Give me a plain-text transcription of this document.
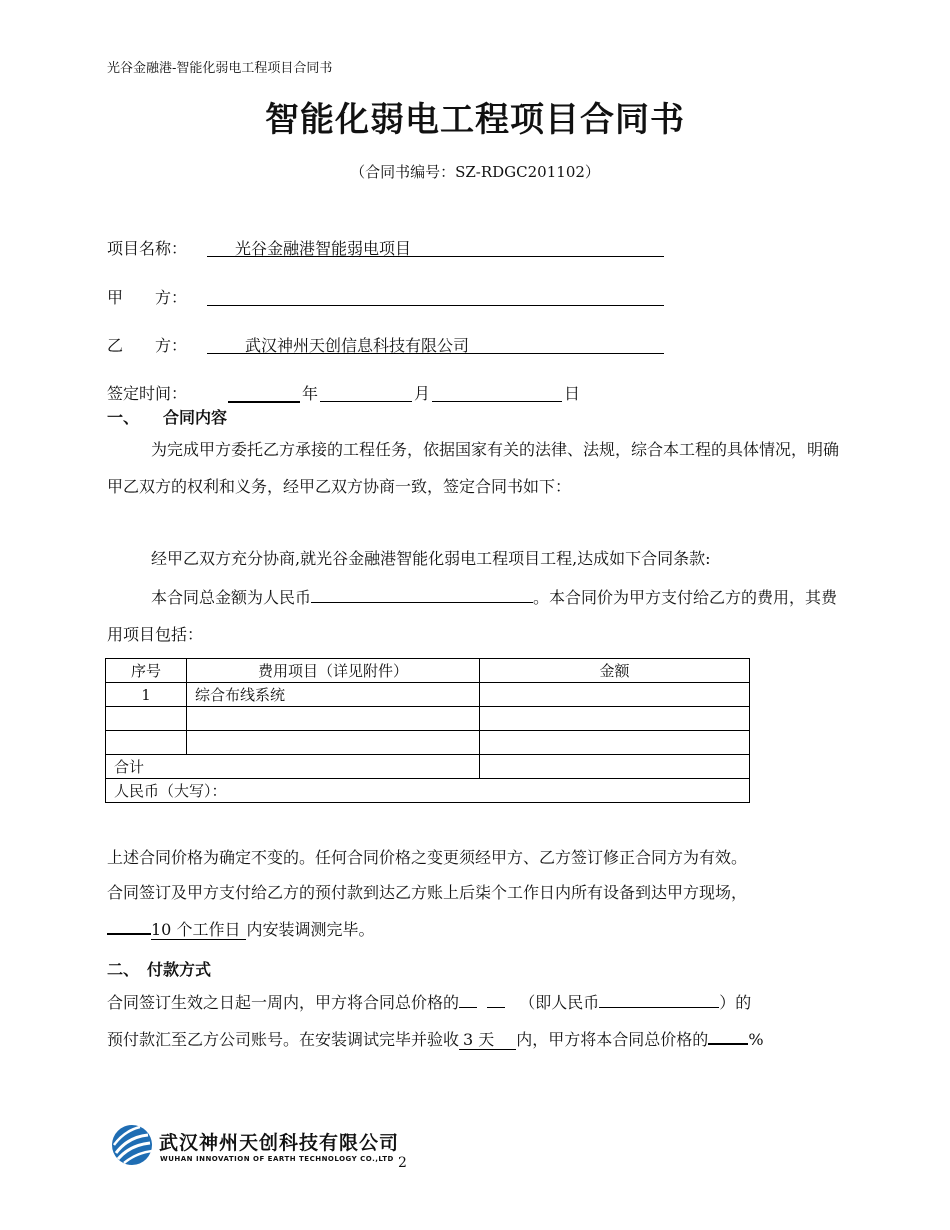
光谷金融港-智能化弱电工程项目合同书
智能化弱电工程项目合同书
（合同书编号：SZ-RDGC201102）
项目名称：	光谷金融港智能弱电项目
甲　　方：
乙　　方：	武汉神州天创信息科技有限公司
签定时间：	年	月	日
一、　　合同内容
为完成甲方委托乙方承接的工程任务，依据国家有关的法律、法规，综合本工程的具体情况，明确甲乙双方的权利和义务，经甲乙双方协商一致，签定合同书如下：
经甲乙双方充分协商,就光谷金融港智能化弱电工程项目工程,达成如下合同条款:
本合同总金额为人民币	。本合同价为甲方支付给乙方的费用，其费用项目包括：
序号	费用项目（详见附件）	金额
1	综合布线系统	

合计		
人民币（大写）：		
上述合同价格为确定不变的。任何合同价格之变更须经甲方、乙方签订修正合同方为有效。
合同签订及甲方支付给乙方的预付款到达乙方账上后柒个工作日内所有设备到达甲方现场，
10 个工作日 内安装调测完毕。
二、　付款方式
合同签订生效之日起一周内，甲方将合同总价格的	（即人民币	）的
预付款汇至乙方公司账号。在安装调试完毕并验收 3 天 内，甲方将本合同总价格的	%
武汉神州天创科技有限公司
WUHAN INNOVATION OF EARTH TECHNOLOGY CO.,LTD 2
